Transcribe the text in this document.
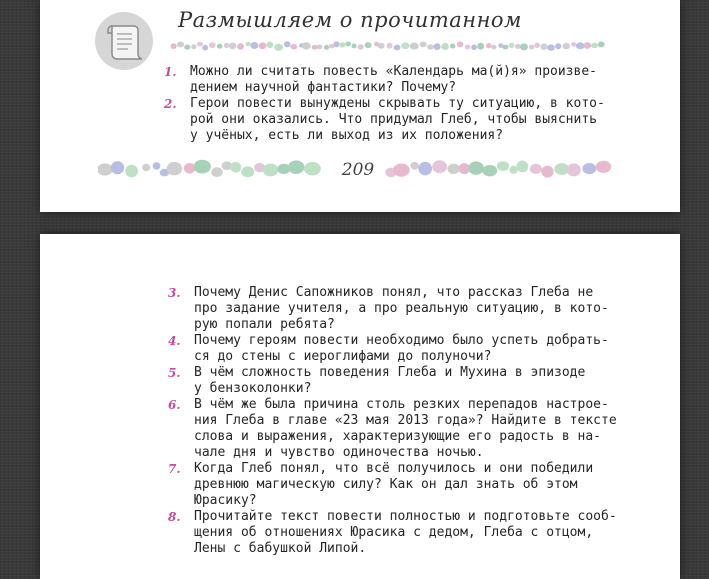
Размышляем о прочитанном
1. Можно ли считать повесть «Календарь ма(й)я» произве-
дением научной фантастики? Почему?
2. Герои повести вынуждены скрывать ту ситуацию, в кото-
рой они оказались. Что придумал Глеб, чтобы выяснить
у учёных, есть ли выход из их положения?
209
3. Почему Денис Сапожников понял, что рассказ Глеба не
про задание учителя, а про реальную ситуацию, в кото-
рую попали ребята?
4. Почему героям повести необходимо было успеть добрать-
ся до стены с иероглифами до полуночи?
5. В чём сложность поведения Глеба и Мухина в эпизоде
у бензоколонки?
6. В чём же была причина столь резких перепадов настрое-
ния Глеба в главе «23 мая 2013 года»? Найдите в тексте
слова и выражения, характеризующие его радость в на-
чале дня и чувство одиночества ночью.
7. Когда Глеб понял, что всё получилось и они победили
древнюю магическую силу? Как он дал знать об этом
Юрасику?
8. Прочитайте текст повести полностью и подготовьте сооб-
щения об отношениях Юрасика с дедом, Глеба с отцом,
Лены с бабушкой Липой.
